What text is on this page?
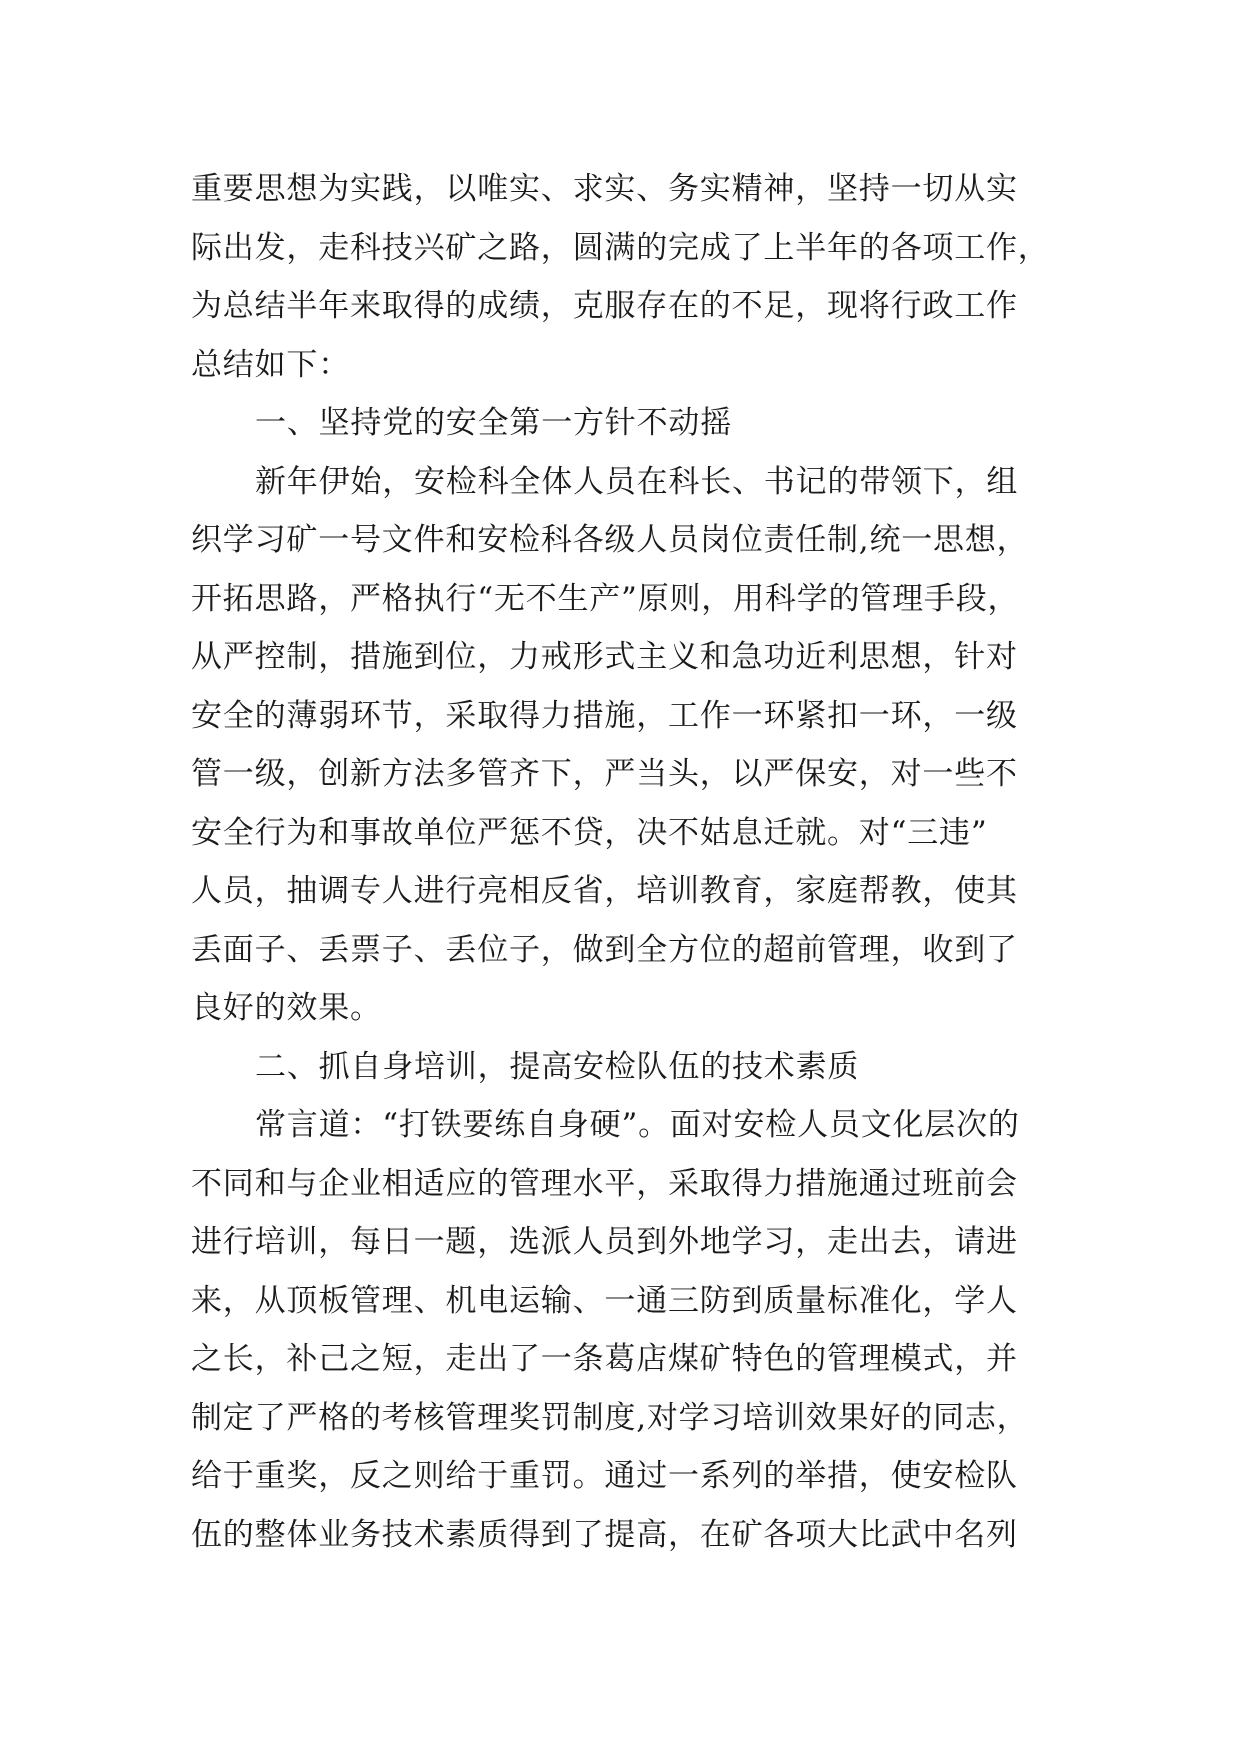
重要思想为实践，以唯实、求实、务实精神，坚持一切从实
际出发，走科技兴矿之路，圆满的完成了上半年的各项工作，
为总结半年来取得的成绩，克服存在的不足，现将行政工作
总结如下：
一、坚持党的安全第一方针不动摇
新年伊始，安检科全体人员在科长、书记的带领下，组
织学习矿一号文件和安检科各级人员岗位责任制,统一思想，
开拓思路，严格执行“无不生产”原则，用科学的管理手段，
从严控制，措施到位，力戒形式主义和急功近利思想，针对
安全的薄弱环节，采取得力措施，工作一环紧扣一环，一级
管一级，创新方法多管齐下，严当头，以严保安，对一些不
安全行为和事故单位严惩不贷，决不姑息迁就。对“三违”
人员，抽调专人进行亮相反省，培训教育，家庭帮教，使其
丢面子、丢票子、丢位子，做到全方位的超前管理，收到了
良好的效果。
二、抓自身培训，提高安检队伍的技术素质
常言道：“打铁要练自身硬”。面对安检人员文化层次的
不同和与企业相适应的管理水平，采取得力措施通过班前会
进行培训，每日一题，选派人员到外地学习，走出去，请进
来，从顶板管理、机电运输、一通三防到质量标准化，学人
之长，补己之短，走出了一条葛店煤矿特色的管理模式，并
制定了严格的考核管理奖罚制度,对学习培训效果好的同志，
给于重奖，反之则给于重罚。通过一系列的举措，使安检队
伍的整体业务技术素质得到了提高，在矿各项大比武中名列
